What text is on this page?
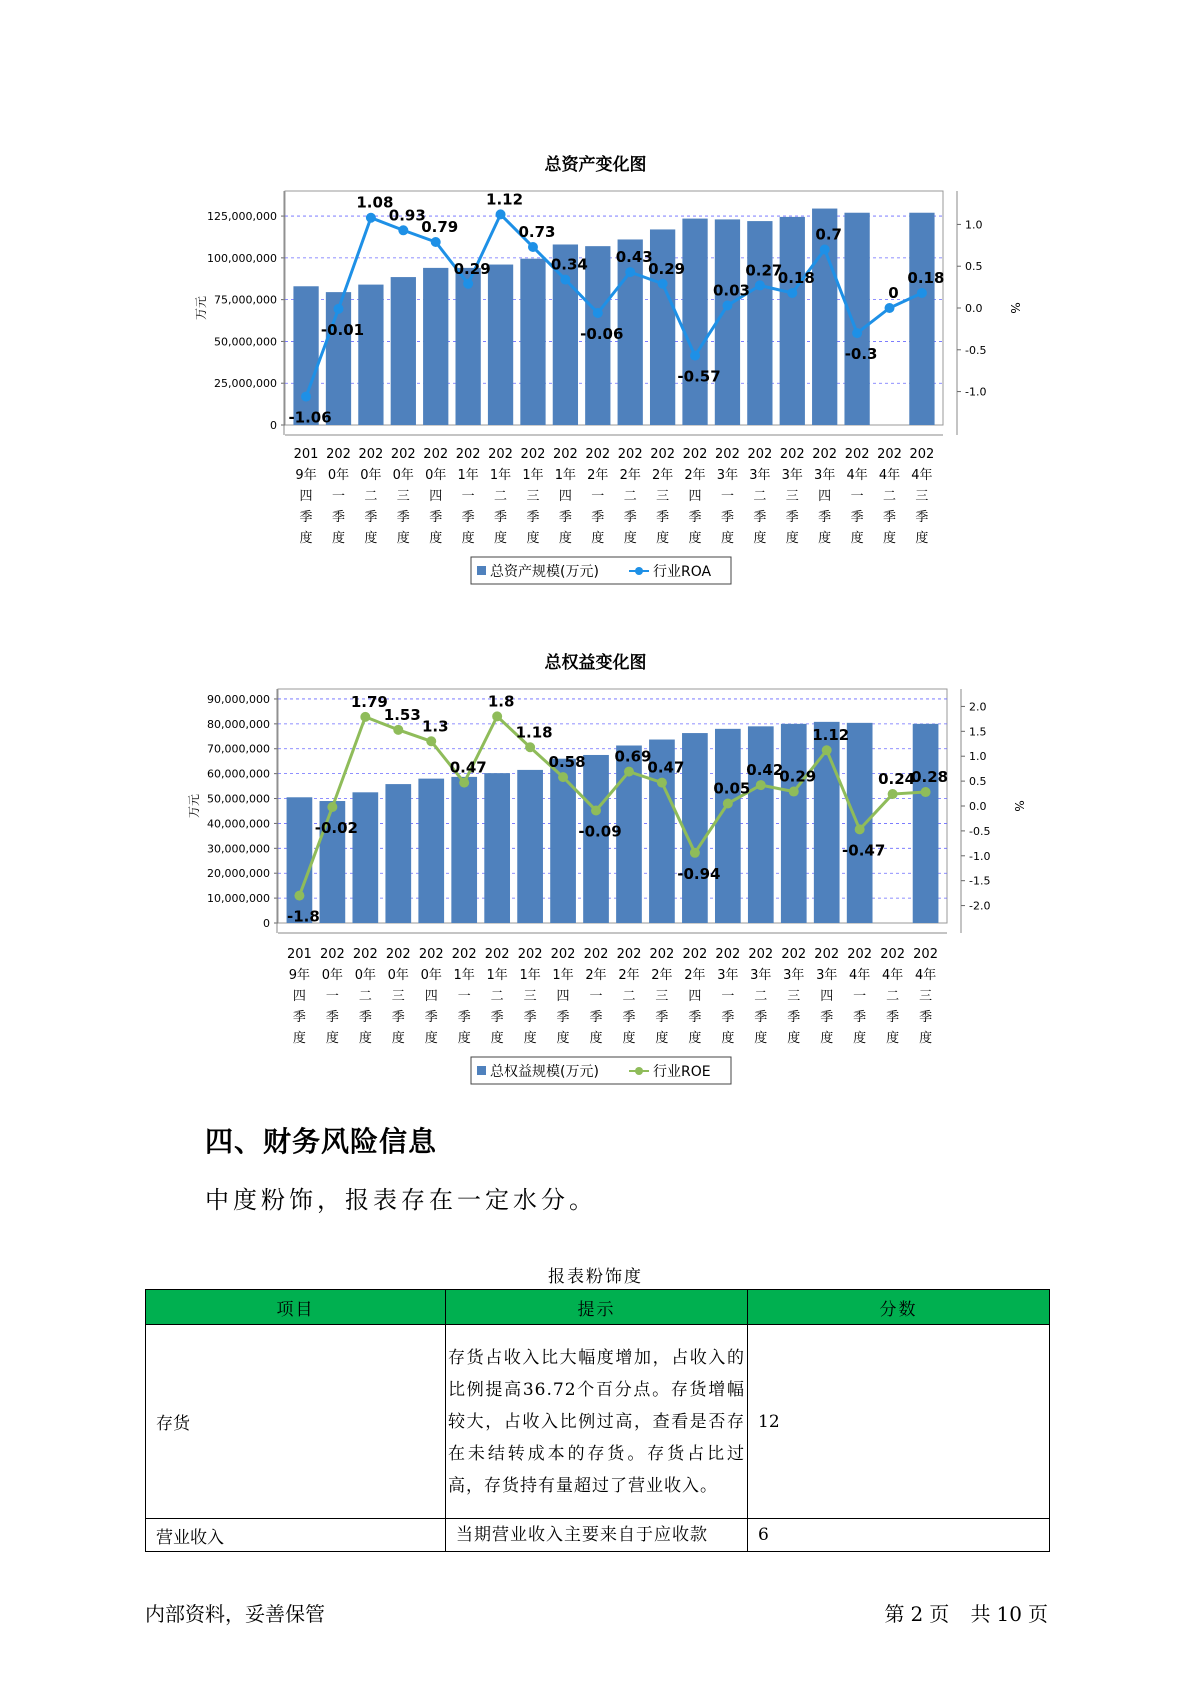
总资产变化图
125,000,000
100,000,000
75,000,000
50,000,000
25,000,000
0
1.0
0.5
0.0
-0.5
-1.0
万元	%
-1.06
-0.01
1.08
0.93
0.79
0.29
1.12
0.73
0.34
-0.06
0.43
0.29
-0.57
0.03
0.27
0.18
0.7
-0.3
0
0.18
201
9年
四
季
度
202
0年
一
季
度
202
0年
二
季
度
202
0年
三
季
度
202
0年
四
季
度
202
1年
一
季
度
202
1年
二
季
度
202
1年
三
季
度
202
1年
四
季
度
202
2年
一
季
度
202
2年
二
季
度
202
2年
三
季
度
202
2年
四
季
度
202
3年
一
季
度
202
3年
二
季
度
202
3年
三
季
度
202
3年
四
季
度
202
4年
一
季
度
202
4年
二
季
度
202
4年
三
季
度
总资产规模(万元)	行业ROA
总权益变化图
90,000,000
80,000,000
70,000,000
60,000,000
50,000,000
40,000,000
30,000,000
20,000,000
10,000,000
0
2.0
1.5
1.0
0.5
0.0
-0.5
-1.0
-1.5
-2.0
万元	%
-1.8
-0.02
1.79
1.53
1.3
0.47
1.8
1.18
0.58
-0.09
0.69
0.47
-0.94
0.05
0.42
0.29
1.12
-0.47
0.24
0.28
201
9年
四
季
度
202
0年
一
季
度
202
0年
二
季
度
202
0年
三
季
度
202
0年
四
季
度
202
1年
一
季
度
202
1年
二
季
度
202
1年
三
季
度
202
1年
四
季
度
202
2年
一
季
度
202
2年
二
季
度
202
2年
三
季
度
202
2年
四
季
度
202
3年
一
季
度
202
3年
二
季
度
202
3年
三
季
度
202
3年
四
季
度
202
4年
一
季
度
202
4年
二
季
度
202
4年
三
季
度
总权益规模(万元)	行业ROE
四、财务风险信息
中度粉饰，报表存在一定水分。
报表粉饰度
项目	提示	分数
存货	存货占收入比大幅度增加，占收入的比例提高36.72个百分点。存货增幅较大，占收入比例过高，查看是否存在未结转成本的存货。存货占比过高，存货持有量超过了营业收入。	12
营业收入	当期营业收入主要来自于应收款	6
内部资料，妥善保管	第 2 页 共 10 页
